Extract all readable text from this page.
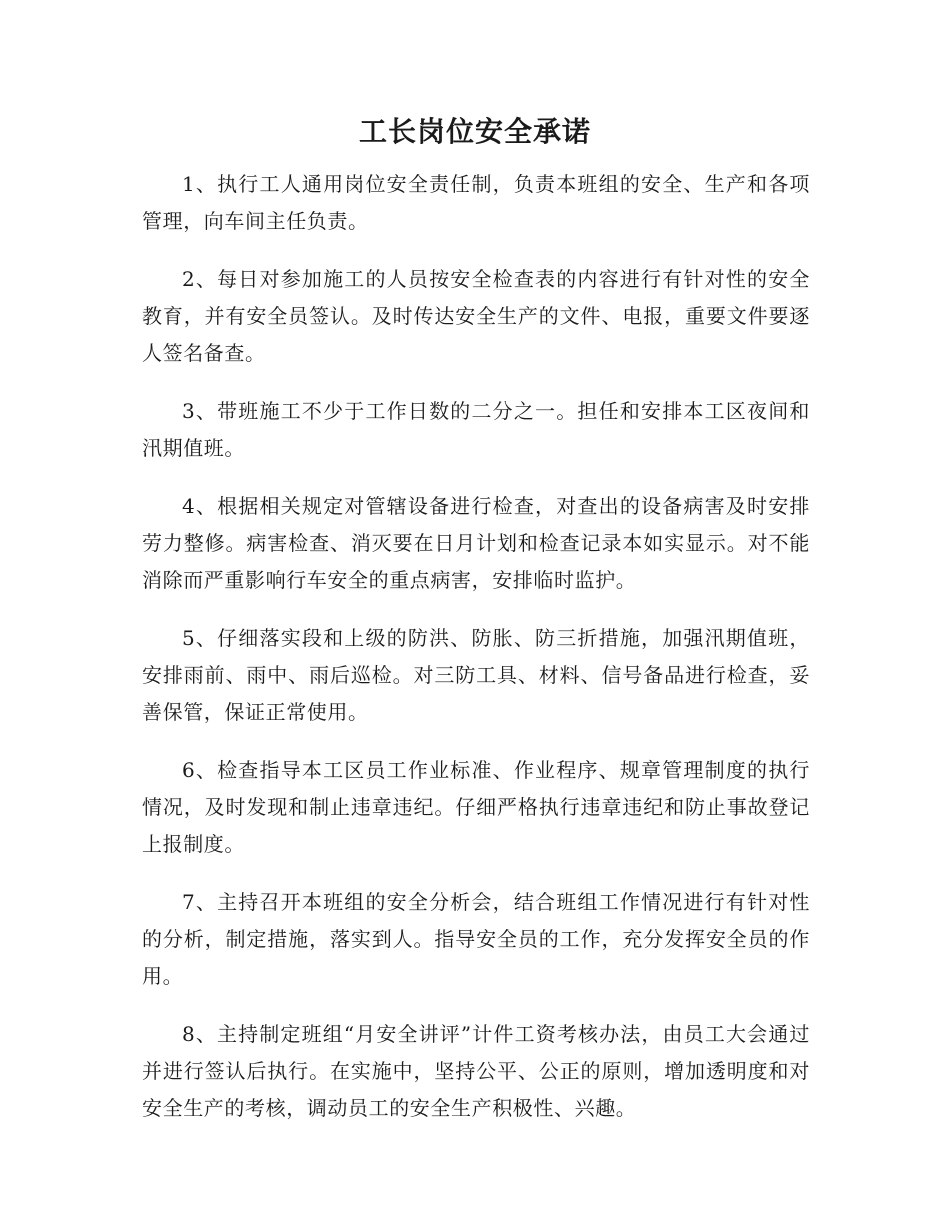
工长岗位安全承诺

1、执行工人通用岗位安全责任制，负责本班组的安全、生产和各项管理，向车间主任负责。

2、每日对参加施工的人员按安全检查表的内容进行有针对性的安全教育，并有安全员签认。及时传达安全生产的文件、电报，重要文件要逐人签名备查。

3、带班施工不少于工作日数的二分之一。担任和安排本工区夜间和汛期值班。

4、根据相关规定对管辖设备进行检查，对查出的设备病害及时安排劳力整修。病害检查、消灭要在日月计划和检查记录本如实显示。对不能消除而严重影响行车安全的重点病害，安排临时监护。

5、仔细落实段和上级的防洪、防胀、防三折措施，加强汛期值班，安排雨前、雨中、雨后巡检。对三防工具、材料、信号备品进行检查，妥善保管，保证正常使用。

6、检查指导本工区员工作业标准、作业程序、规章管理制度的执行情况，及时发现和制止违章违纪。仔细严格执行违章违纪和防止事故登记上报制度。

7、主持召开本班组的安全分析会，结合班组工作情况进行有针对性的分析，制定措施，落实到人。指导安全员的工作，充分发挥安全员的作用。

8、主持制定班组“月安全讲评”计件工资考核办法，由员工大会通过并进行签认后执行。在实施中，坚持公平、公正的原则，增加透明度和对安全生产的考核，调动员工的安全生产积极性、兴趣。
